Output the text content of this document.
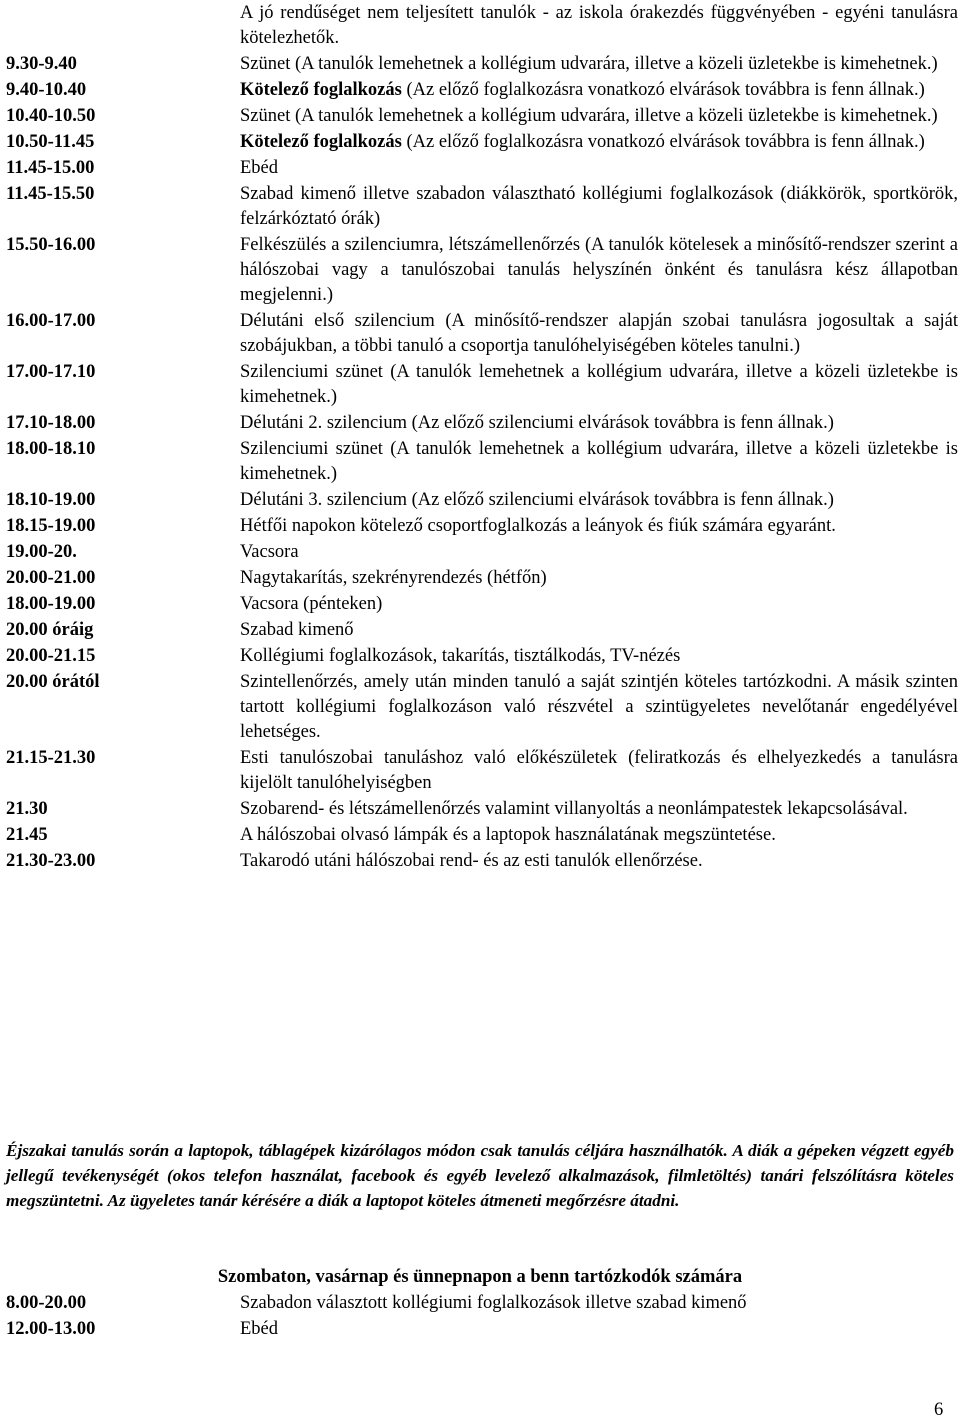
A jó rendűséget nem teljesített tanulók - az iskola órakezdés függvényében - egyéni tanulásra kötelezhetők.
9.30-9.40	Szünet (A tanulók lemehetnek a kollégium udvarára, illetve a közeli üzletekbe is kimehetnek.)
9.40-10.40	Kötelező foglalkozás (Az előző foglalkozásra vonatkozó elvárások továbbra is fenn állnak.)
10.40-10.50	Szünet (A tanulók lemehetnek a kollégium udvarára, illetve a közeli üzletekbe is kimehetnek.)
10.50-11.45	Kötelező foglalkozás (Az előző foglalkozásra vonatkozó elvárások továbbra is fenn állnak.)
11.45-15.00	Ebéd
11.45-15.50	Szabad kimenő illetve szabadon választható kollégiumi foglalkozások (diákkörök, sportkörök, felzárkóztató órák)
15.50-16.00	Felkészülés a szilenciumra, létszámellenőrzés (A tanulók kötelesek a minősítő-rendszer szerint a hálószobai vagy a tanulószobai tanulás helyszínén önként és tanulásra kész állapotban megjelenni.)
16.00-17.00	Délutáni első szilencium (A minősítő-rendszer alapján szobai tanulásra jogosultak a saját szobájukban, a többi tanuló a csoportja tanulóhelyiségében köteles tanulni.)
17.00-17.10	Szilenciumi szünet (A tanulók lemehetnek a kollégium udvarára, illetve a közeli üzletekbe is kimehetnek.)
17.10-18.00	Délutáni 2. szilencium (Az előző szilenciumi elvárások továbbra is fenn állnak.)
18.00-18.10	Szilenciumi szünet (A tanulók lemehetnek a kollégium udvarára, illetve a közeli üzletekbe is kimehetnek.)
18.10-19.00	Délutáni 3. szilencium (Az előző szilenciumi elvárások továbbra is fenn állnak.)
18.15-19.00	Hétfői napokon kötelező csoportfoglalkozás a leányok és fiúk számára egyaránt.
19.00-20.	Vacsora
20.00-21.00	Nagytakarítás, szekrényrendezés (hétfőn)
18.00-19.00	Vacsora (pénteken)
20.00 óráig	Szabad kimenő
20.00-21.15	Kollégiumi foglalkozások, takarítás, tisztálkodás, TV-nézés
20.00 órától	Szintellenőrzés, amely után minden tanuló a saját szintjén köteles tartózkodni. A másik szinten tartott kollégiumi foglalkozáson való részvétel a szintügyeletes nevelőtanár engedélyével lehetséges.
21.15-21.30	Esti tanulószobai tanuláshoz való előkészületek (feliratkozás és elhelyezkedés a tanulásra kijelölt tanulóhelyiségben
21.30	Szobarend- és létszámellenőrzés valamint villanyoltás a neonlámpatestek lekapcsolásával.
21.45	A hálószobai olvasó lámpák és a laptopok használatának megszüntetése.
21.30-23.00	Takarodó utáni hálószobai rend- és az esti tanulók ellenőrzése.
Éjszakai tanulás során a laptopok, táblagépek kizárólagos módon csak tanulás céljára használhatók. A diák a gépeken végzett egyéb jellegű tevékenységét (okos telefon használat, facebook és egyéb levelező alkalmazások, filmletöltés) tanári felszólításra köteles megszüntetni. Az ügyeletes tanár kérésére a diák a laptopot köteles átmeneti megőrzésre átadni.
Szombaton, vasárnap és ünnepnapon a benn tartózkodók számára
8.00-20.00	Szabadon választott kollégiumi foglalkozások illetve szabad kimenő
12.00-13.00	Ebéd
6
